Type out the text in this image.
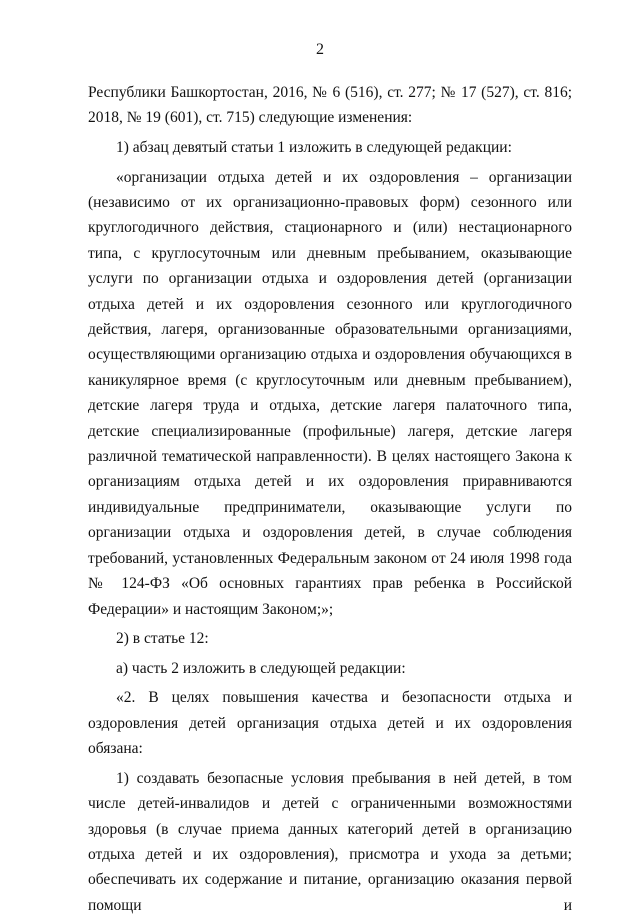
2

Республики Башкортостан, 2016, № 6 (516), ст. 277; № 17 (527), ст. 816; 2018, № 19 (601), ст. 715) следующие изменения:

1) абзац девятый статьи 1 изложить в следующей редакции:

«организации отдыха детей и их оздоровления – организации (независимо от их организационно-правовых форм) сезонного или круглогодичного действия, стационарного и (или) нестационарного типа, с круглосуточным или дневным пребыванием, оказывающие услуги по организации отдыха и оздоровления детей (организации отдыха детей и их оздоровления сезонного или круглогодичного действия, лагеря, организованные образовательными организациями, осуществляющими организацию отдыха и оздоровления обучающихся в каникулярное время (с круглосуточным или дневным пребыванием), детские лагеря труда и отдыха, детские лагеря палаточного типа, детские специализированные (профильные) лагеря, детские лагеря различной тематической направленности). В целях настоящего Закона к организациям отдыха детей и их оздоровления приравниваются индивидуальные предприниматели, оказывающие услуги по организации отдыха и оздоровления детей, в случае соблюдения требований, установленных Федеральным законом от 24 июля 1998 года № 124-ФЗ «Об основных гарантиях прав ребенка в Российской Федерации» и настоящим Законом;»;

2) в статье 12:

а) часть 2 изложить в следующей редакции:

«2. В целях повышения качества и безопасности отдыха и оздоровления детей организация отдыха детей и их оздоровления обязана:

1) создавать безопасные условия пребывания в ней детей, в том числе детей-инвалидов и детей с ограниченными возможностями здоровья (в случае приема данных категорий детей в организацию отдыха детей и их оздоровления), присмотра и ухода за детьми; обеспечивать их содержание и питание, организацию оказания первой помощи и
